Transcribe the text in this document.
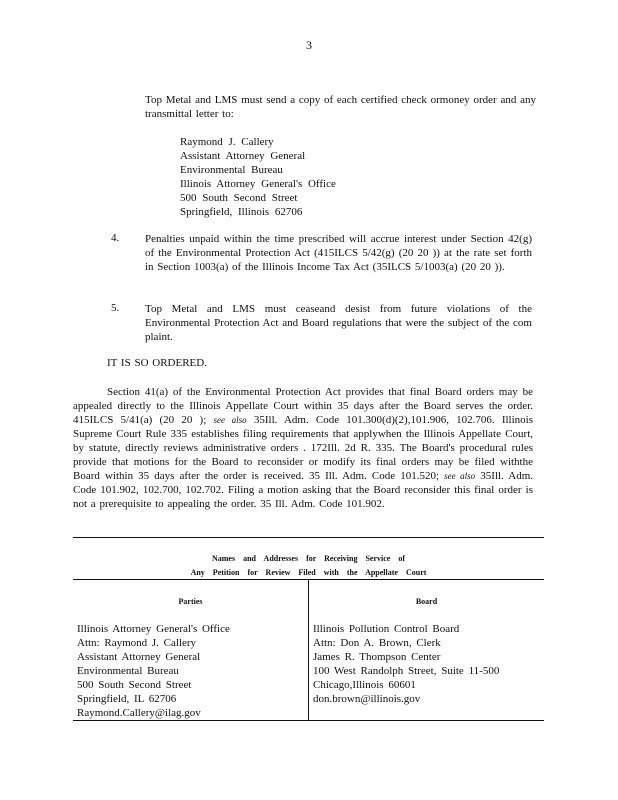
3
Top Metal and LMS must send a copy of each certified check ormoney order and any transmittal letter to:
Raymond J. Callery
Assistant Attorney General
Environmental Bureau
Illinois Attorney General's Office
500 South Second Street
Springfield, Illinois 62706
4. Penalties unpaid within the time prescribed will accrue interest under Section 42(g) of the Environmental Protection Act (415ILCS 5/42(g) (20 20 )) at the rate set forth in Section 1003(a) of the Illinois Income Tax Act (35ILCS 5/1003(a) (20 20 )).
5. Top Metal and LMS must ceaseand desist from future violations of the Environmental Protection Act and Board regulations that were the subject of the com plaint.
IT IS SO ORDERED.
Section 41(a) of the Environmental Protection Act provides that final Board orders may be appealed directly to the Illinois Appellate Court within 35 days after the Board serves the order. 415ILCS 5/41(a) (20 20 ); see also 35Ill. Adm. Code 101.300(d)(2),101.906, 102.706. Illinois Supreme Court Rule 335 establishes filing requirements that applywhen the Illinois Appellate Court, by statute, directly reviews administrative orders . 172Ill. 2d R. 335. The Board's procedural rules provide that motions for the Board to reconsider or modify its final orders may be filed withthe Board within 35 days after the order is received. 35 Ill. Adm. Code 101.520; see also 35Ill. Adm. Code 101.902, 102.700, 102.702. Filing a motion asking that the Board reconsider this final order is not a prerequisite to appealing the order. 35 Ill. Adm. Code 101.902.
Names and Addresses for Receiving Service of
Any Petition for Review Filed with the Appellate Court
Parties	Board
Illinois Attorney General's Office
Attn: Raymond J. Callery
Assistant Attorney General
Environmental Bureau
500 South Second Street
Springfield, IL 62706
Raymond.Callery@ilag.gov
Illinois Pollution Control Board
Attn: Don A. Brown, Clerk
James R. Thompson Center
100 West Randolph Street, Suite 11-500
Chicago,Illinois 60601
don.brown@illinois.gov
